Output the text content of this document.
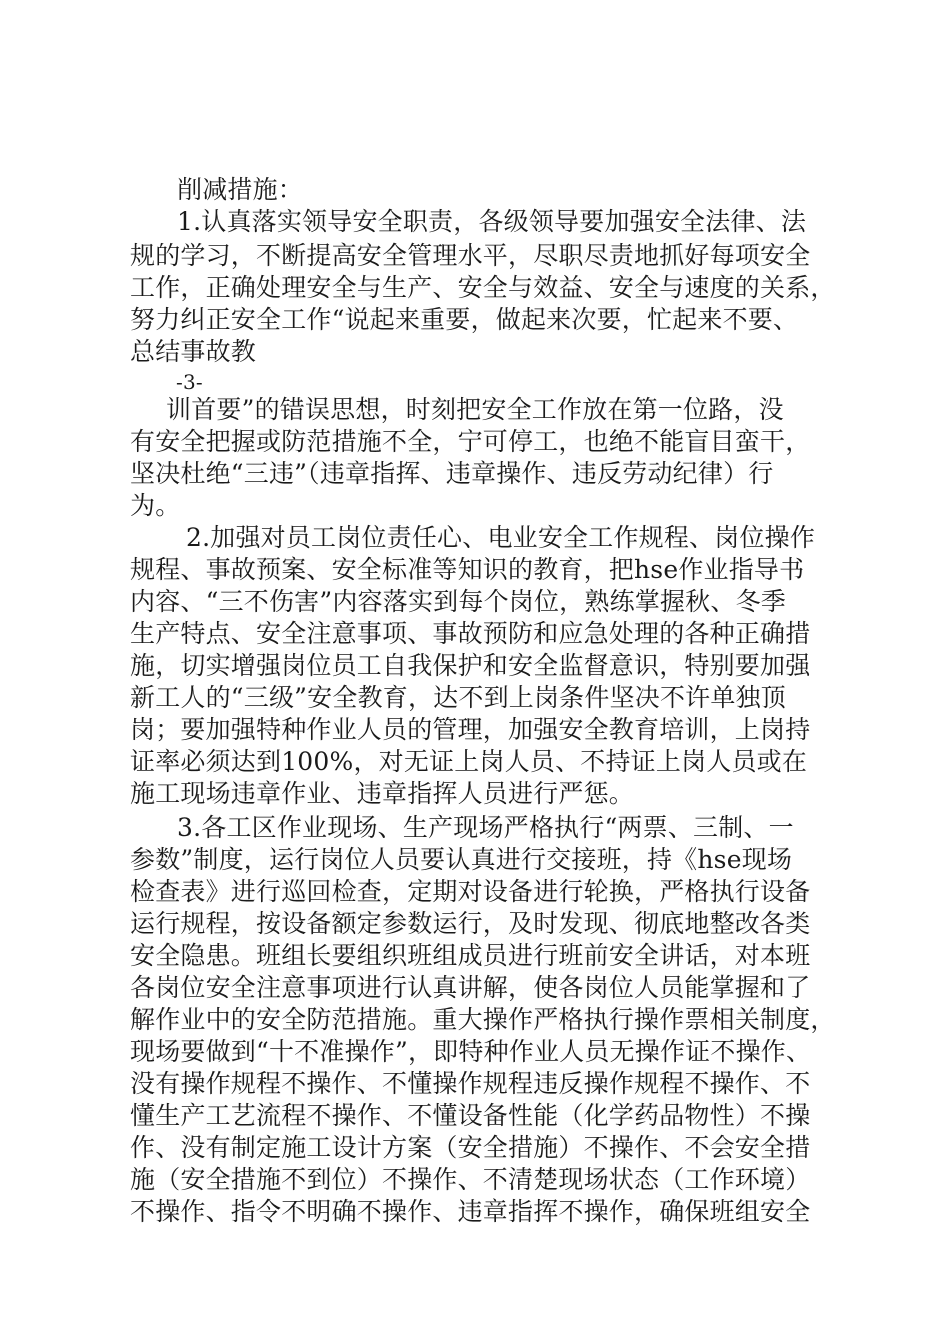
削减措施：
1.认真落实领导安全职责，各级领导要加强安全法律、法
规的学习，不断提高安全管理水平，尽职尽责地抓好每项安全
工作，正确处理安全与生产、安全与效益、安全与速度的关系，
努力纠正安全工作“说起来重要，做起来次要，忙起来不要、
总结事故教
-3-
训首要”的错误思想，时刻把安全工作放在第一位路，没
有安全把握或防范措施不全，宁可停工，也绝不能盲目蛮干，
坚决杜绝“三违”（违章指挥、违章操作、违反劳动纪律）行
为。
2.加强对员工岗位责任心、电业安全工作规程、岗位操作
规程、事故预案、安全标准等知识的教育，把hse作业指导书
内容、“三不伤害”内容落实到每个岗位，熟练掌握秋、冬季
生产特点、安全注意事项、事故预防和应急处理的各种正确措
施，切实增强岗位员工自我保护和安全监督意识，特别要加强
新工人的“三级”安全教育，达不到上岗条件坚决不许单独顶
岗；要加强特种作业人员的管理，加强安全教育培训，上岗持
证率必须达到100%，对无证上岗人员、不持证上岗人员或在
施工现场违章作业、违章指挥人员进行严惩。
3.各工区作业现场、生产现场严格执行“两票、三制、一
参数”制度，运行岗位人员要认真进行交接班，持《hse现场
检查表》进行巡回检查，定期对设备进行轮换，严格执行设备
运行规程，按设备额定参数运行，及时发现、彻底地整改各类
安全隐患。班组长要组织班组成员进行班前安全讲话，对本班
各岗位安全注意事项进行认真讲解，使各岗位人员能掌握和了
解作业中的安全防范措施。重大操作严格执行操作票相关制度，
现场要做到“十不准操作”，即特种作业人员无操作证不操作、
没有操作规程不操作、不懂操作规程违反操作规程不操作、不
懂生产工艺流程不操作、不懂设备性能（化学药品物性）不操
作、没有制定施工设计方案（安全措施）不操作、不会安全措
施（安全措施不到位）不操作、不清楚现场状态（工作环境）
不操作、指令不明确不操作、违章指挥不操作，确保班组安全
